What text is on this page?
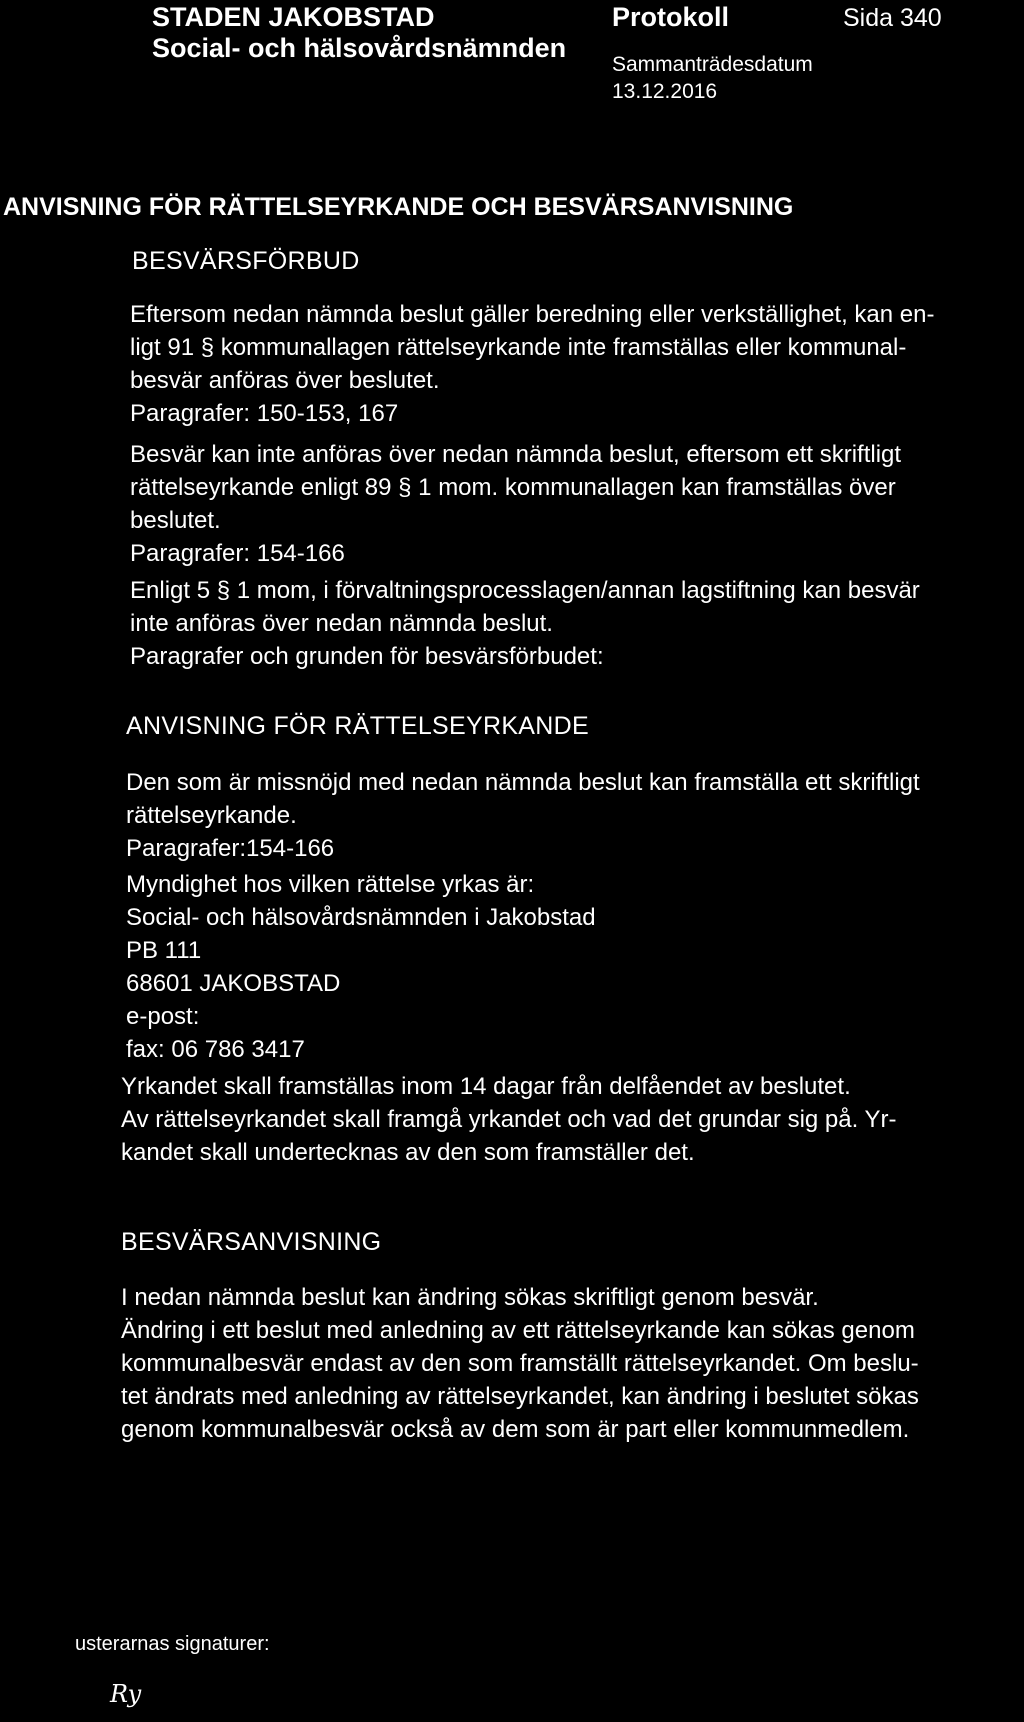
STADEN JAKOBSTAD
Social- och hälsovårdsnämnden
Protokoll	Sida 340
Sammanträdesdatum
13.12.2016
ANVISNING FÖR RÄTTELSEYRKANDE OCH BESVÄRSANVISNING
BESVÄRSFÖRBUD
Eftersom nedan nämnda beslut gäller beredning eller verkställighet, kan en-
ligt 91 § kommunallagen rättelseyrkande inte framställas eller kommunal-
besvär anföras över beslutet.
Paragrafer: 150-153, 167
Besvär kan inte anföras över nedan nämnda beslut, eftersom ett skriftligt
rättelseyrkande enligt 89 § 1 mom. kommunallagen kan framställas över
beslutet.
Paragrafer: 154-166
Enligt 5 § 1 mom, i förvaltningsprocesslagen/annan lagstiftning kan besvär
inte anföras över nedan nämnda beslut.
Paragrafer och grunden för besvärsförbudet:
ANVISNING FÖR RÄTTELSEYRKANDE
Den som är missnöjd med nedan nämnda beslut kan framställa ett skriftligt
rättelseyrkande.
Paragrafer:154-166
Myndighet hos vilken rättelse yrkas är:
Social- och hälsovårdsnämnden i Jakobstad
PB 111
68601 JAKOBSTAD
e-post:
fax: 06 786 3417
Yrkandet skall framställas inom 14 dagar från delfåendet av beslutet.
Av rättelseyrkandet skall framgå yrkandet och vad det grundar sig på. Yr-
kandet skall undertecknas av den som framställer det.
BESVÄRSANVISNING
I nedan nämnda beslut kan ändring sökas skriftligt genom besvär.
Ändring i ett beslut med anledning av ett rättelseyrkande kan sökas genom
kommunalbesvär endast av den som framställt rättelseyrkandet. Om beslu-
tet ändrats med anledning av rättelseyrkandet, kan ändring i beslutet sökas
genom kommunalbesvär också av dem som är part eller kommunmedlem.
usterarnas signaturer:
Ry
